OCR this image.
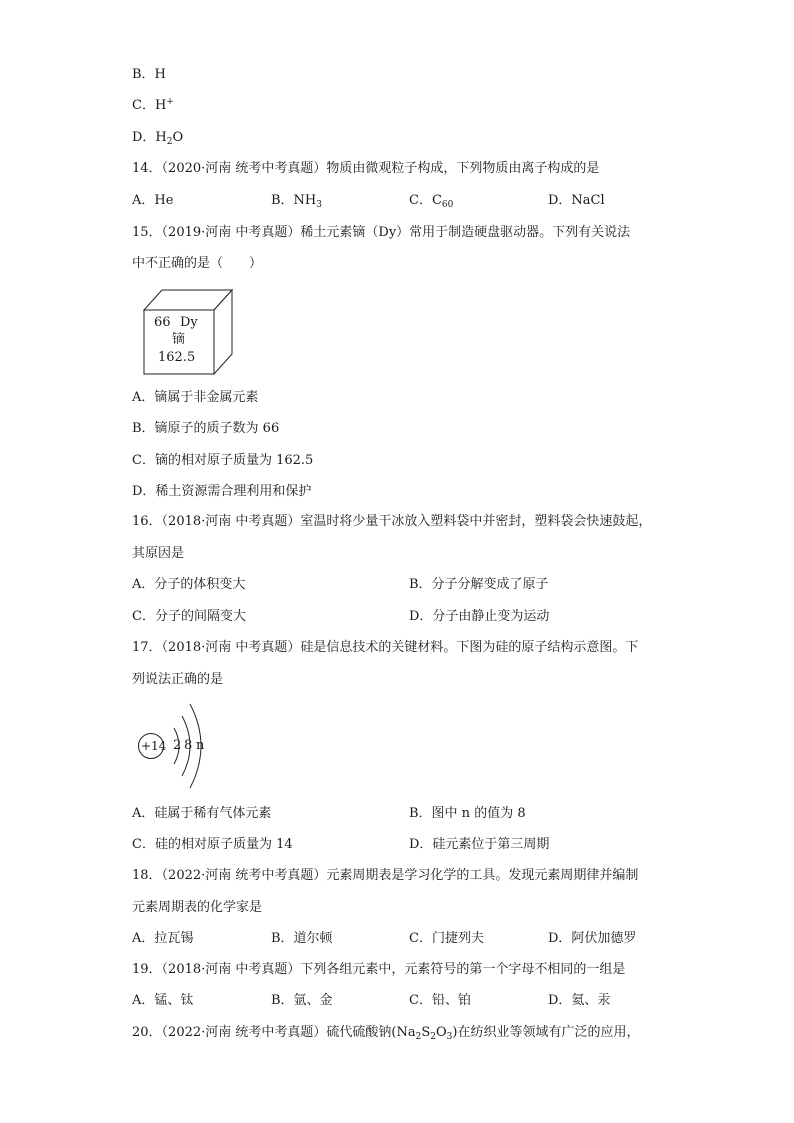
B．H
C．H+
D．$H_2O$
14．（2020·河南 统考中考真题）物质由微观粒子构成，下列物质由离子构成的是
A．He	B．$NH_3$	C．$C_{60}$	D．NaCl
15．（2019·河南 中考真题）稀土元素镝（Dy）常用于制造硬盘驱动器。下列有关说法
中不正确的是（　　）
66 Dy
镝
162.5
A．镝属于非金属元素
B．镝原子的质子数为 66
C．镝的相对原子质量为 162.5
D．稀土资源需合理利用和保护
16．（2018·河南 中考真题）室温时将少量干冰放入塑料袋中并密封，塑料袋会快速鼓起，
其原因是
A．分子的体积变大	B．分子分解变成了原子
C．分子的间隔变大	D．分子由静止变为运动
17．（2018·河南 中考真题）硅是信息技术的关键材料。下图为硅的原子结构示意图。下
列说法正确的是
+14 2 8 n
A．硅属于稀有气体元素	B．图中 n 的值为 8
C．硅的相对原子质量为 14	D．硅元素位于第三周期
18．（2022·河南 统考中考真题）元素周期表是学习化学的工具。发现元素周期律并编制
元素周期表的化学家是
A．拉瓦锡	B．道尔顿	C．门捷列夫	D．阿伏加德罗
19．（2018·河南 中考真题）下列各组元素中，元素符号的第一个字母不相同的一组是
A．锰、钛	B．氩、金	C．铅、铂	D．氦、汞
20．（2022·河南 统考中考真题）硫代硫酸钠$(Na_2S_2O_3)$在纺织业等领域有广泛的应用，
